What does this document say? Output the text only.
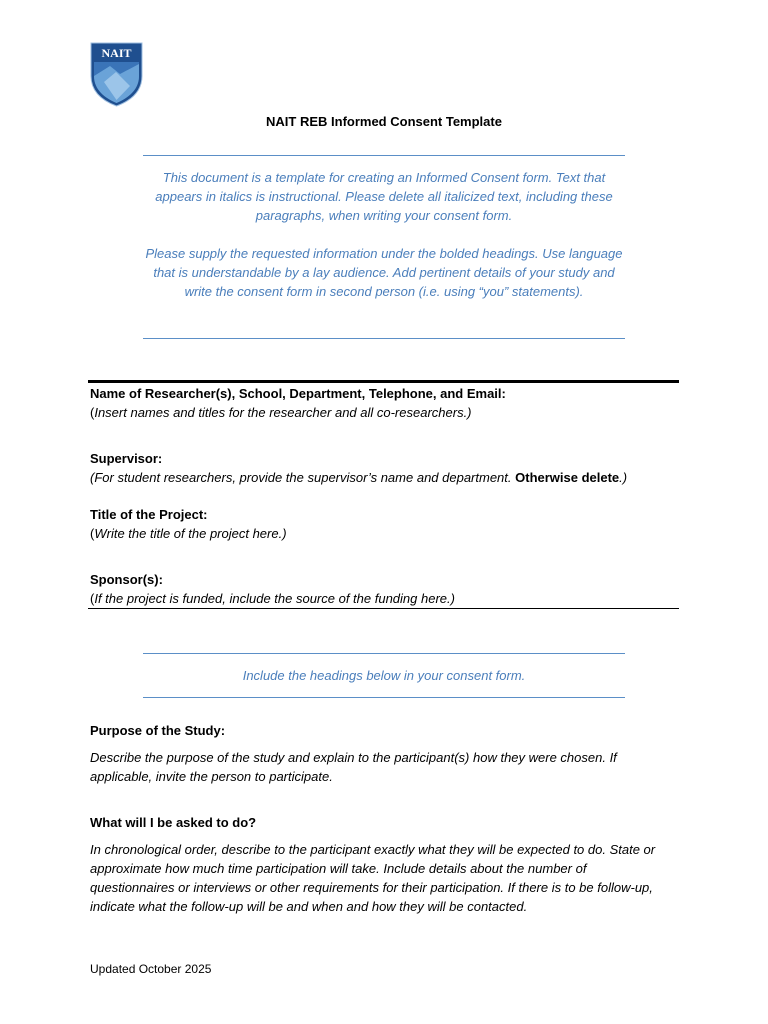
NAIT
NAIT REB Informed Consent Template

This document is a template for creating an Informed Consent form. Text that appears in italics is instructional. Please delete all italicized text, including these paragraphs, when writing your consent form.

Please supply the requested information under the bolded headings. Use language that is understandable by a lay audience. Add pertinent details of your study and write the consent form in second person (i.e. using “you” statements).

Name of Researcher(s), School, Department, Telephone, and Email:
(Insert names and titles for the researcher and all co-researchers.)
Supervisor:
(For student researchers, provide the supervisor’s name and department. Otherwise delete.)
Title of the Project:
(Write the title of the project here.)
Sponsor(s):
(If the project is funded, include the source of the funding here.)

Include the headings below in your consent form.

Purpose of the Study:
Describe the purpose of the study and explain to the participant(s) how they were chosen. If applicable, invite the person to participate.
What will I be asked to do?
In chronological order, describe to the participant exactly what they will be expected to do. State or approximate how much time participation will take. Include details about the number of questionnaires or interviews or other requirements for their participation. If there is to be follow-up, indicate what the follow-up will be and when and how they will be contacted.
Updated October 2025
